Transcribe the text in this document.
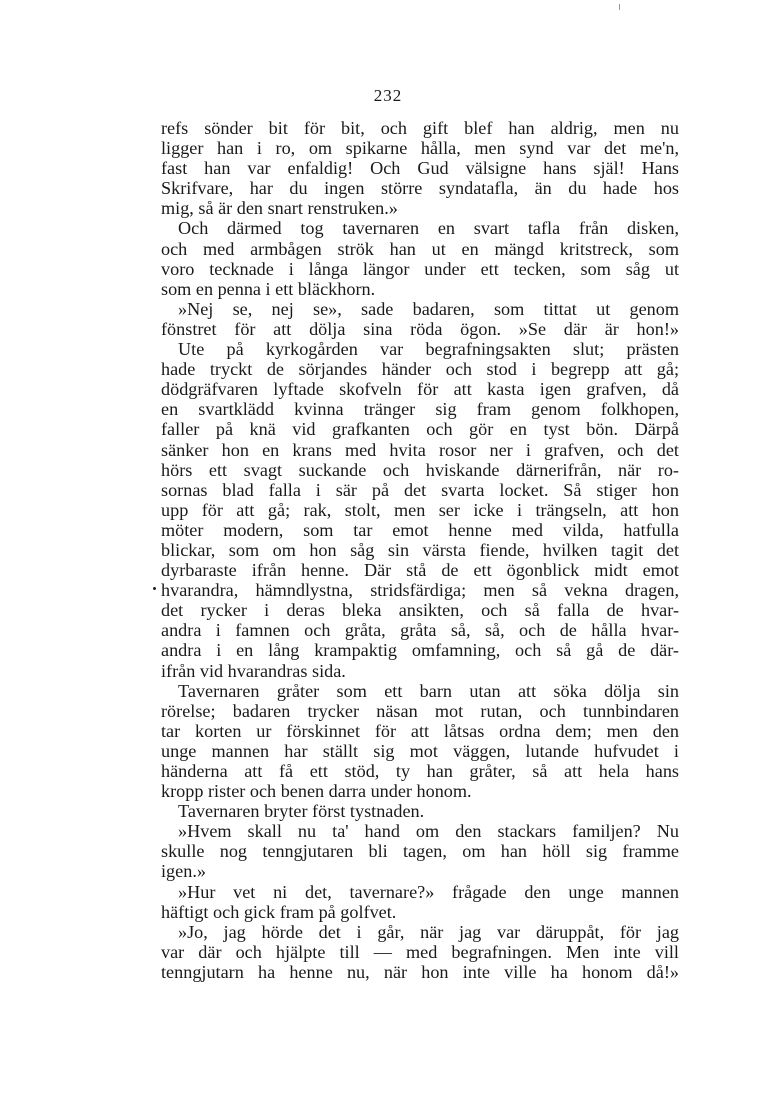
232
refs sönder bit för bit, och gift blef han aldrig, men nu
ligger han i ro, om spikarne hålla, men synd var det me'n,
fast han var enfaldig! Och Gud välsigne hans själ! Hans
Skrifvare, har du ingen större syndatafla, än du hade hos
mig, så är den snart renstruken.»
Och därmed tog tavernaren en svart tafla från disken,
och med armbågen strök han ut en mängd kritstreck, som
voro tecknade i långa längor under ett tecken, som såg ut
som en penna i ett bläckhorn.
»Nej se, nej se», sade badaren, som tittat ut genom
fönstret för att dölja sina röda ögon. »Se där är hon!»
Ute på kyrkogården var begrafningsakten slut; prästen
hade tryckt de sörjandes händer och stod i begrepp att gå;
dödgräfvaren lyftade skofveln för att kasta igen grafven, då
en svartklädd kvinna tränger sig fram genom folkhopen,
faller på knä vid grafkanten och gör en tyst bön. Därpå
sänker hon en krans med hvita rosor ner i grafven, och det
hörs ett svagt suckande och hviskande därnerifrån, när ro-
sornas blad falla i sär på det svarta locket. Så stiger hon
upp för att gå; rak, stolt, men ser icke i trängseln, att hon
möter modern, som tar emot henne med vilda, hatfulla
blickar, som om hon såg sin värsta fiende, hvilken tagit det
dyrbaraste ifrån henne. Där stå de ett ögonblick midt emot
hvarandra, hämndlystna, stridsfärdiga; men så vekna dragen,
det rycker i deras bleka ansikten, och så falla de hvar-
andra i famnen och gråta, gråta så, så, och de hålla hvar-
andra i en lång krampaktig omfamning, och så gå de där-
ifrån vid hvarandras sida.
Tavernaren gråter som ett barn utan att söka dölja sin
rörelse; badaren trycker näsan mot rutan, och tunnbindaren
tar korten ur förskinnet för att låtsas ordna dem; men den
unge mannen har ställt sig mot väggen, lutande hufvudet i
händerna att få ett stöd, ty han gråter, så att hela hans
kropp rister och benen darra under honom.
Tavernaren bryter först tystnaden.
»Hvem skall nu ta' hand om den stackars familjen? Nu
skulle nog tenngjutaren bli tagen, om han höll sig framme
igen.»
»Hur vet ni det, tavernare?» frågade den unge mannen
häftigt och gick fram på golfvet.
»Jo, jag hörde det i går, när jag var däruppåt, för jag
var där och hjälpte till — med begrafningen. Men inte vill
tenngjutarn ha henne nu, när hon inte ville ha honom då!»
